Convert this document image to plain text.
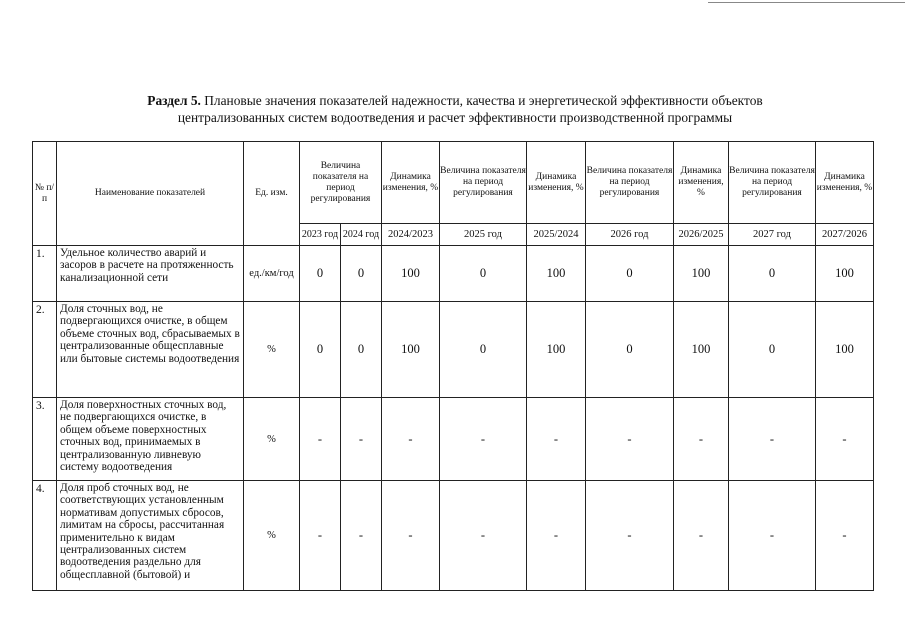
Раздел 5. Плановые значения показателей надежности, качества и энергетической эффективности объектов
централизованных систем водоотведения и расчет эффективности производственной программы
№ п/п	Наименование показателей	Ед. изм.	Величина показателя на период регулирования		Динамика изменения, %	Величина показателя на период регулирования	Динамика изменения, %	Величина показателя на период регулирования	Динамика изменения, %	Величина показателя на период регулирования	Динамика изменения, %
			2023 год	2024 год	2024/2023	2025 год	2025/2024	2026 год	2026/2025	2027 год	2027/2026
1.	Удельное количество аварий и засоров в расчете на протяженность канализационной сети	ед./км/год	0	0	100	0	100	0	100	0	100
2.	Доля сточных вод, не подвергающихся очистке, в общем объеме сточных вод, сбрасываемых в централизованные общесплавные или бытовые системы водоотведения	%	0	0	100	0	100	0	100	0	100
3.	Доля поверхностных сточных вод, не подвергающихся очистке, в общем объеме поверхностных сточных вод, принимаемых в централизованную ливневую систему водоотведения	%	-	-	-	-	-	-	-	-	-
4.	Доля проб сточных вод, не соответствующих установленным нормативам допустимых сбросов, лимитам на сбросы, рассчитанная применительно к видам централизованных систем водоотведения раздельно для общесплавной (бытовой) и	%	-	-	-	-	-	-	-	-	-
